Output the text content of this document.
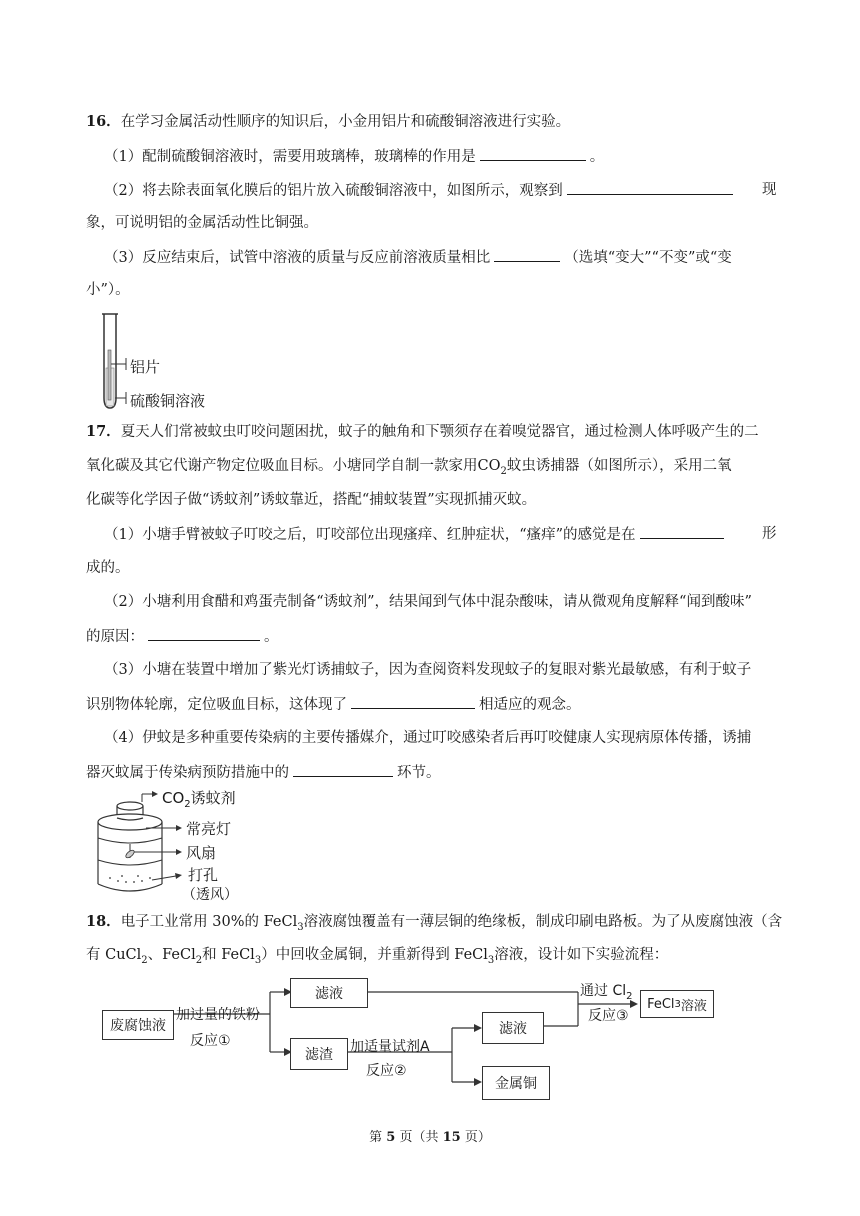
16．在学习金属活动性顺序的知识后，小金用铝片和硫酸铜溶液进行实验。
（1）配制硫酸铜溶液时，需要用玻璃棒，玻璃棒的作用是	。
（2）将去除表面氧化膜后的铝片放入硫酸铜溶液中，如图所示，观察到	现
象，可说明铝的金属活动性比铜强。
（3）反应结束后，试管中溶液的质量与反应前溶液质量相比	（选填“变大”“不变”或“变
小”）。
铝片
硫酸铜溶液
17．夏天人们常被蚊虫叮咬问题困扰，蚊子的触角和下颚须存在着嗅觉器官，通过检测人体呼吸产生的二
氧化碳及其它代谢产物定位吸血目标。小塘同学自制一款家用$CO_2$蚊虫诱捕器（如图所示），采用二氧
化碳等化学因子做“诱蚊剂”诱蚊靠近，搭配“捕蚊装置”实现抓捕灭蚊。
（1）小塘手臂被蚊子叮咬之后，叮咬部位出现瘙痒、红肿症状，“瘙痒”的感觉是在	形
成的。
（2）小塘利用食醋和鸡蛋壳制备“诱蚊剂”，结果闻到气体中混杂酸味，请从微观角度解释“闻到酸味”
的原因：	。
（3）小塘在装置中增加了紫光灯诱捕蚊子，因为查阅资料发现蚊子的复眼对紫光最敏感，有利于蚊子
识别物体轮廓，定位吸血目标，这体现了	相适应的观念。
（4）伊蚊是多种重要传染病的主要传播媒介，通过叮咬感染者后再叮咬健康人实现病原体传播，诱捕
器灭蚊属于传染病预防措施中的	环节。
$CO_2$诱蚊剂
常亮灯
风扇
打孔
（透风）
18．电子工业常用 30%的 FeCl$_3$溶液腐蚀覆盖有一薄层铜的绝缘板，制成印刷电路板。为了从废腐蚀液（含
有 CuCl$_2$、FeCl$_2$和 FeCl$_3$）中回收金属铜，并重新得到 FeCl$_3$溶液，设计如下实验流程：
废腐蚀液
加过量的铁粉
反应①
滤液
滤渣	加适量试剂A
反应②
滤液
金属铜
通过 $Cl_2$
反应③
FeCl 3 溶液
第 5 页（共 15 页）
